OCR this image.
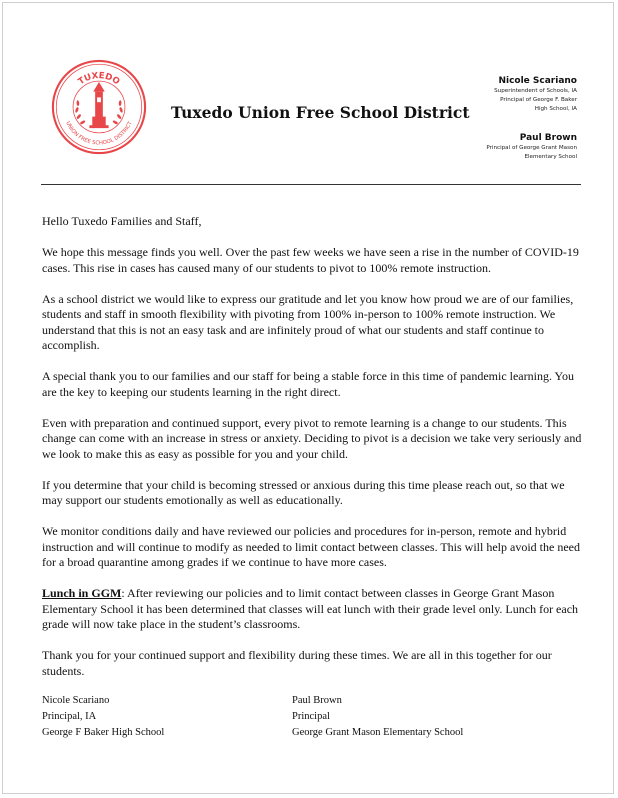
TUXEDO
UNION FREE SCHOOL DISTRICT
Tuxedo Union Free School District
Nicole Scariano
Superintendent of Schools, IA
Principal of George F. Baker
High School, IA
Paul Brown
Principal of George Grant Mason
Elementary School

Hello Tuxedo Families and Staff,

We hope this message finds you well. Over the past few weeks we have seen a rise in the number of COVID-19 cases. This rise in cases has caused many of our students to pivot to 100% remote instruction.

As a school district we would like to express our gratitude and let you know how proud we are of our families, students and staff in smooth flexibility with pivoting from 100% in-person to 100% remote instruction. We understand that this is not an easy task and are infinitely proud of what our students and staff continue to accomplish.

A special thank you to our families and our staff for being a stable force in this time of pandemic learning. You are the key to keeping our students learning in the right direct.

Even with preparation and continued support, every pivot to remote learning is a change to our students. This change can come with an increase in stress or anxiety. Deciding to pivot is a decision we take very seriously and we look to make this as easy as possible for you and your child.

If you determine that your child is becoming stressed or anxious during this time please reach out, so that we may support our students emotionally as well as educationally.

We monitor conditions daily and have reviewed our policies and procedures for in-person, remote and hybrid instruction and will continue to modify as needed to limit contact between classes. This will help avoid the need for a broad quarantine among grades if we continue to have more cases.

Lunch in GGM: After reviewing our policies and to limit contact between classes in George Grant Mason Elementary School it has been determined that classes will eat lunch with their grade level only. Lunch for each grade will now take place in the student’s classrooms.

Thank you for your continued support and flexibility during these times. We are all in this together for our students.

Nicole Scariano
Principal, IA
George F Baker High School
Paul Brown
Principal
George Grant Mason Elementary School
